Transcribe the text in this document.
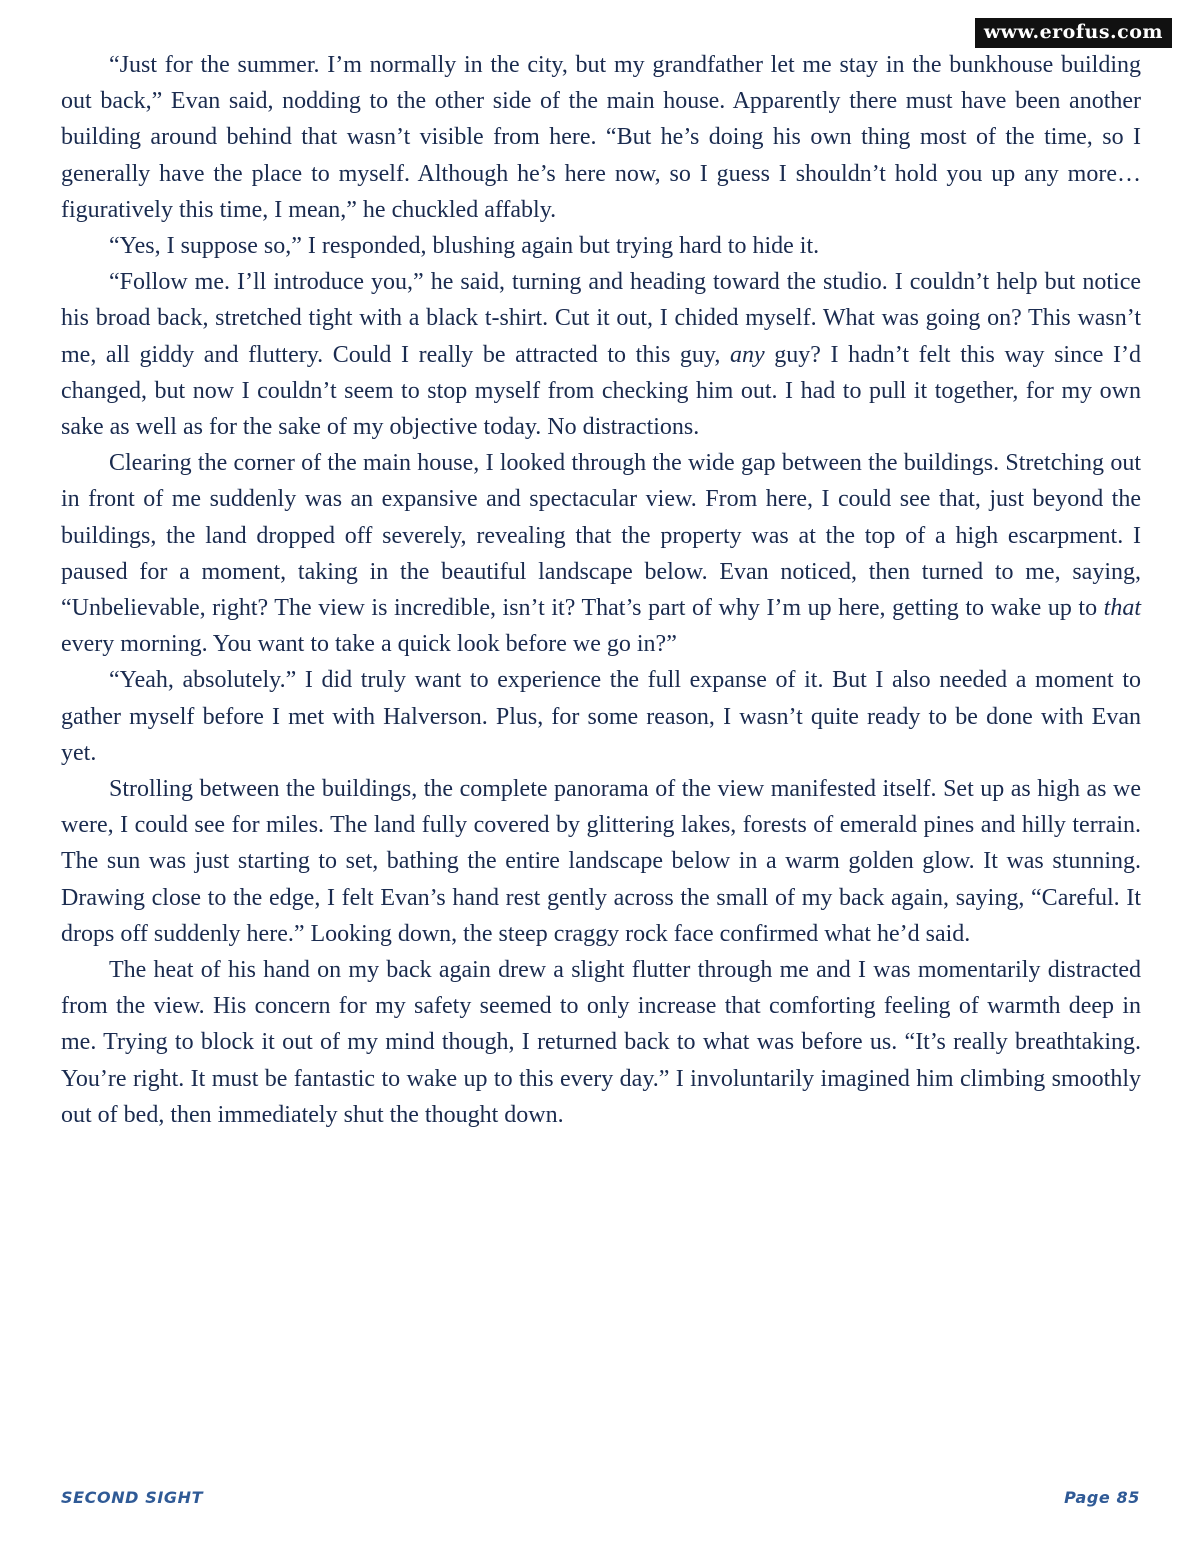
www.erofus.com

“Just for the summer. I’m normally in the city, but my grandfather let me stay in the bunkhouse building out back,” Evan said, nodding to the other side of the main house. Apparently there must have been another building around behind that wasn’t visible from here. “But he’s doing his own thing most of the time, so I generally have the place to myself. Although he’s here now, so I guess I shouldn’t hold you up any more… figuratively this time, I mean,” he chuckled affably.

“Yes, I suppose so,” I responded, blushing again but trying hard to hide it.

“Follow me. I’ll introduce you,” he said, turning and heading toward the studio. I couldn’t help but notice his broad back, stretched tight with a black t-shirt. Cut it out, I chided myself. What was going on? This wasn’t me, all giddy and fluttery. Could I really be attracted to this guy, any guy? I hadn’t felt this way since I’d changed, but now I couldn’t seem to stop myself from checking him out. I had to pull it together, for my own sake as well as for the sake of my objective today. No distractions.

Clearing the corner of the main house, I looked through the wide gap between the buildings. Stretching out in front of me suddenly was an expansive and spectacular view. From here, I could see that, just beyond the buildings, the land dropped off severely, revealing that the property was at the top of a high escarpment. I paused for a moment, taking in the beautiful landscape below. Evan noticed, then turned to me, saying, “Unbelievable, right? The view is incredible, isn’t it? That’s part of why I’m up here, getting to wake up to that every morning. You want to take a quick look before we go in?”

“Yeah, absolutely.” I did truly want to experience the full expanse of it. But I also needed a moment to gather myself before I met with Halverson. Plus, for some reason, I wasn’t quite ready to be done with Evan yet.

Strolling between the buildings, the complete panorama of the view manifested itself. Set up as high as we were, I could see for miles. The land fully covered by glittering lakes, forests of emerald pines and hilly terrain. The sun was just starting to set, bathing the entire landscape below in a warm golden glow. It was stunning. Drawing close to the edge, I felt Evan’s hand rest gently across the small of my back again, saying, “Careful. It drops off suddenly here.” Looking down, the steep craggy rock face confirmed what he’d said.

The heat of his hand on my back again drew a slight flutter through me and I was momentarily distracted from the view. His concern for my safety seemed to only increase that comforting feeling of warmth deep in me. Trying to block it out of my mind though, I returned back to what was before us. “It’s really breathtaking. You’re right. It must be fantastic to wake up to this every day.” I involuntarily imagined him climbing smoothly out of bed, then immediately shut the thought down.

SECOND SIGHT	Page 85
